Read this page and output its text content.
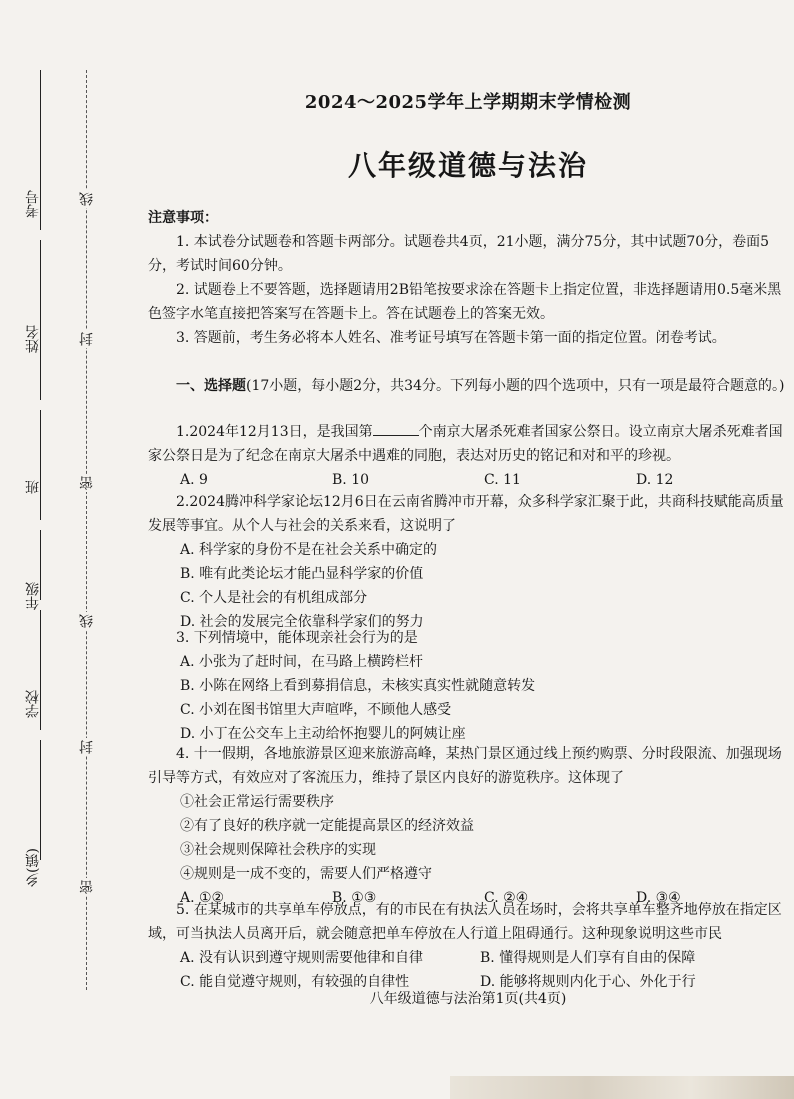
考号
姓名
班
年级
学校
乡(镇)
线
封
密
线
封
密
2024～2025学年上学期期末学情检测
八年级道德与法治
注意事项：

1. 本试卷分试题卷和答题卡两部分。试题卷共4页，21小题，满分75分，其中试题70分，卷面5分，考试时间60分钟。

2. 试题卷上不要答题，选择题请用2B铅笔按要求涂在答题卡上指定位置，非选择题请用0.5毫米黑色签字水笔直接把答案写在答题卡上。答在试题卷上的答案无效。

3. 答题前，考生务必将本人姓名、准考证号填写在答题卡第一面的指定位置。闭卷考试。

一、选择题(17小题，每小题2分，共34分。下列每小题的四个选项中，只有一项是最符合题意的。)

1.2024年12月13日，是我国第	个南京大屠杀死难者国家公祭日。设立南京大屠杀死难者国家公祭日是为了纪念在南京大屠杀中遇难的同胞，表达对历史的铭记和对和平的珍视。

A. 9	B. 10	C. 11	D. 12

2.2024腾冲科学家论坛12月6日在云南省腾冲市开幕，众多科学家汇聚于此，共商科技赋能高质量发展等事宜。从个人与社会的关系来看，这说明了

A. 科学家的身份不是在社会关系中确定的
B. 唯有此类论坛才能凸显科学家的价值
C. 个人是社会的有机组成部分
D. 社会的发展完全依靠科学家们的努力

3. 下列情境中，能体现亲社会行为的是

A. 小张为了赶时间，在马路上横跨栏杆
B. 小陈在网络上看到募捐信息，未核实真实性就随意转发
C. 小刘在图书馆里大声喧哗，不顾他人感受
D. 小丁在公交车上主动给怀抱婴儿的阿姨让座

4. 十一假期，各地旅游景区迎来旅游高峰，某热门景区通过线上预约购票、分时段限流、加强现场引导等方式，有效应对了客流压力，维持了景区内良好的游览秩序。这体现了

①社会正常运行需要秩序
②有了良好的秩序就一定能提高景区的经济效益
③社会规则保障社会秩序的实现
④规则是一成不变的，需要人们严格遵守
A. ①②	B. ①③	C. ②④	D. ③④

5. 在某城市的共享单车停放点，有的市民在有执法人员在场时，会将共享单车整齐地停放在指定区域，可当执法人员离开后，就会随意把单车停放在人行道上阻碍通行。这种现象说明这些市民

A. 没有认识到遵守规则需要他律和自律	B. 懂得规则是人们享有自由的保障
C. 能自觉遵守规则，有较强的自律性	D. 能够将规则内化于心、外化于行
八年级道德与法治第1页(共4页)
